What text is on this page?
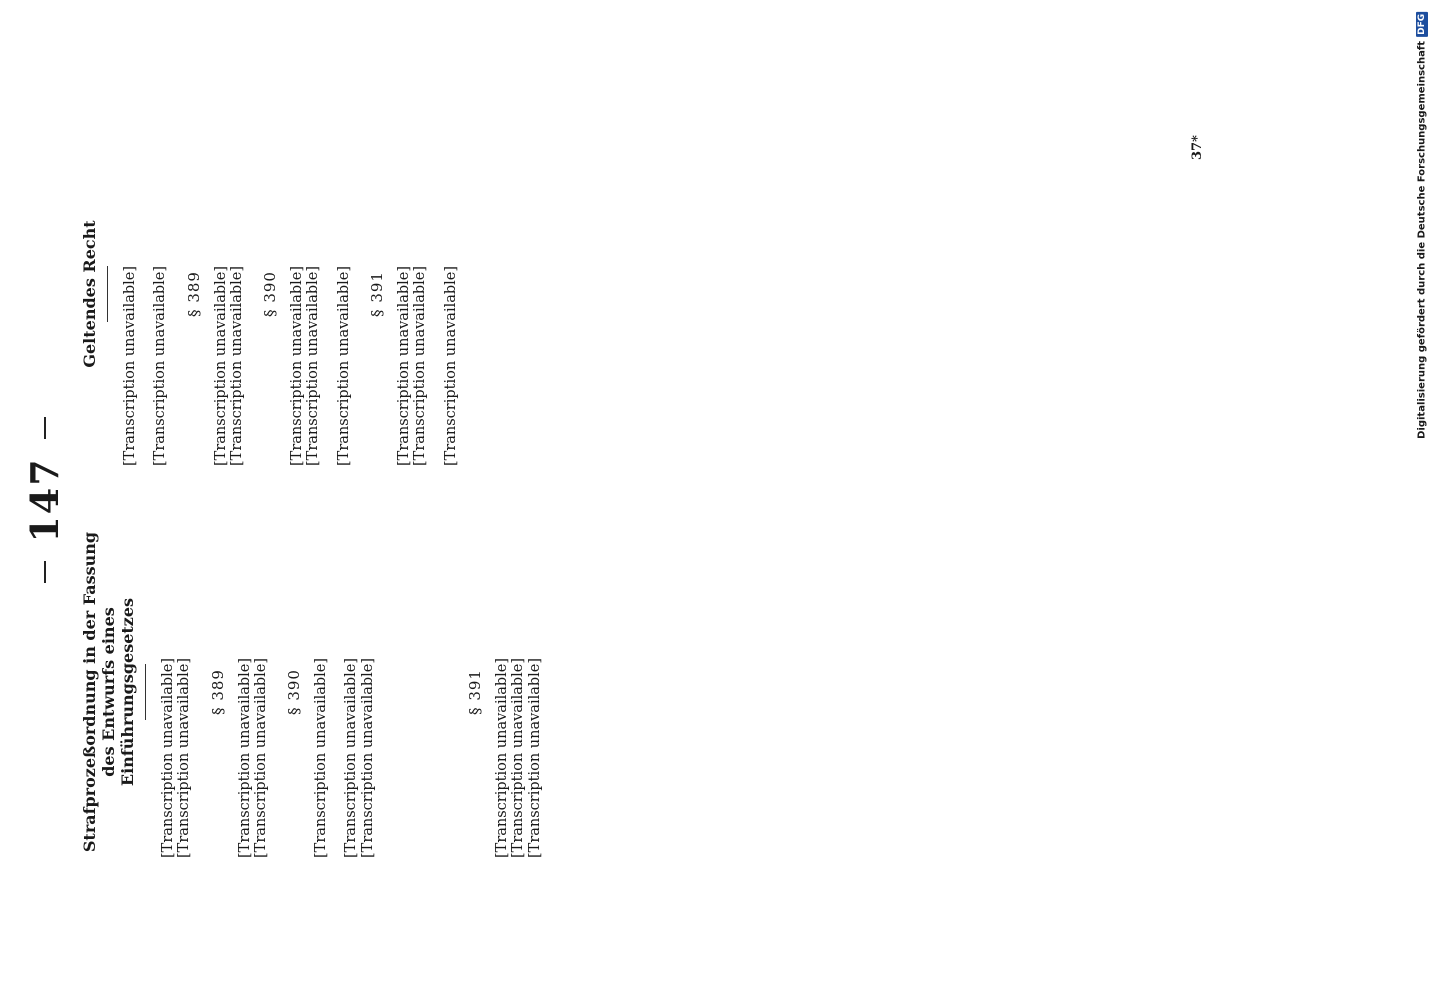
147
Strafprozeßordnung in der Fassung des Entwurfs eines Einführungsgesetzes [Transcription unavailable] [Transcription unavailable] § 389 [Transcription unavailable] [Transcription unavailable] § 390 [Transcription unavailable] [Transcription unavailable] [Transcription unavailable]	§ 391 [Transcription unavailable] [Transcription unavailable] [Transcription unavailable]

Geltendes Recht [Transcription unavailable] [Transcription unavailable] § 389 [Transcription unavailable] [Transcription unavailable] § 390 [Transcription unavailable] [Transcription unavailable] [Transcription unavailable] § 391 [Transcription unavailable] [Transcription unavailable] [Transcription unavailable]

37*	Digitalisierung gefördert durch die Deutsche Forschungsgemeinschaft
DFG
